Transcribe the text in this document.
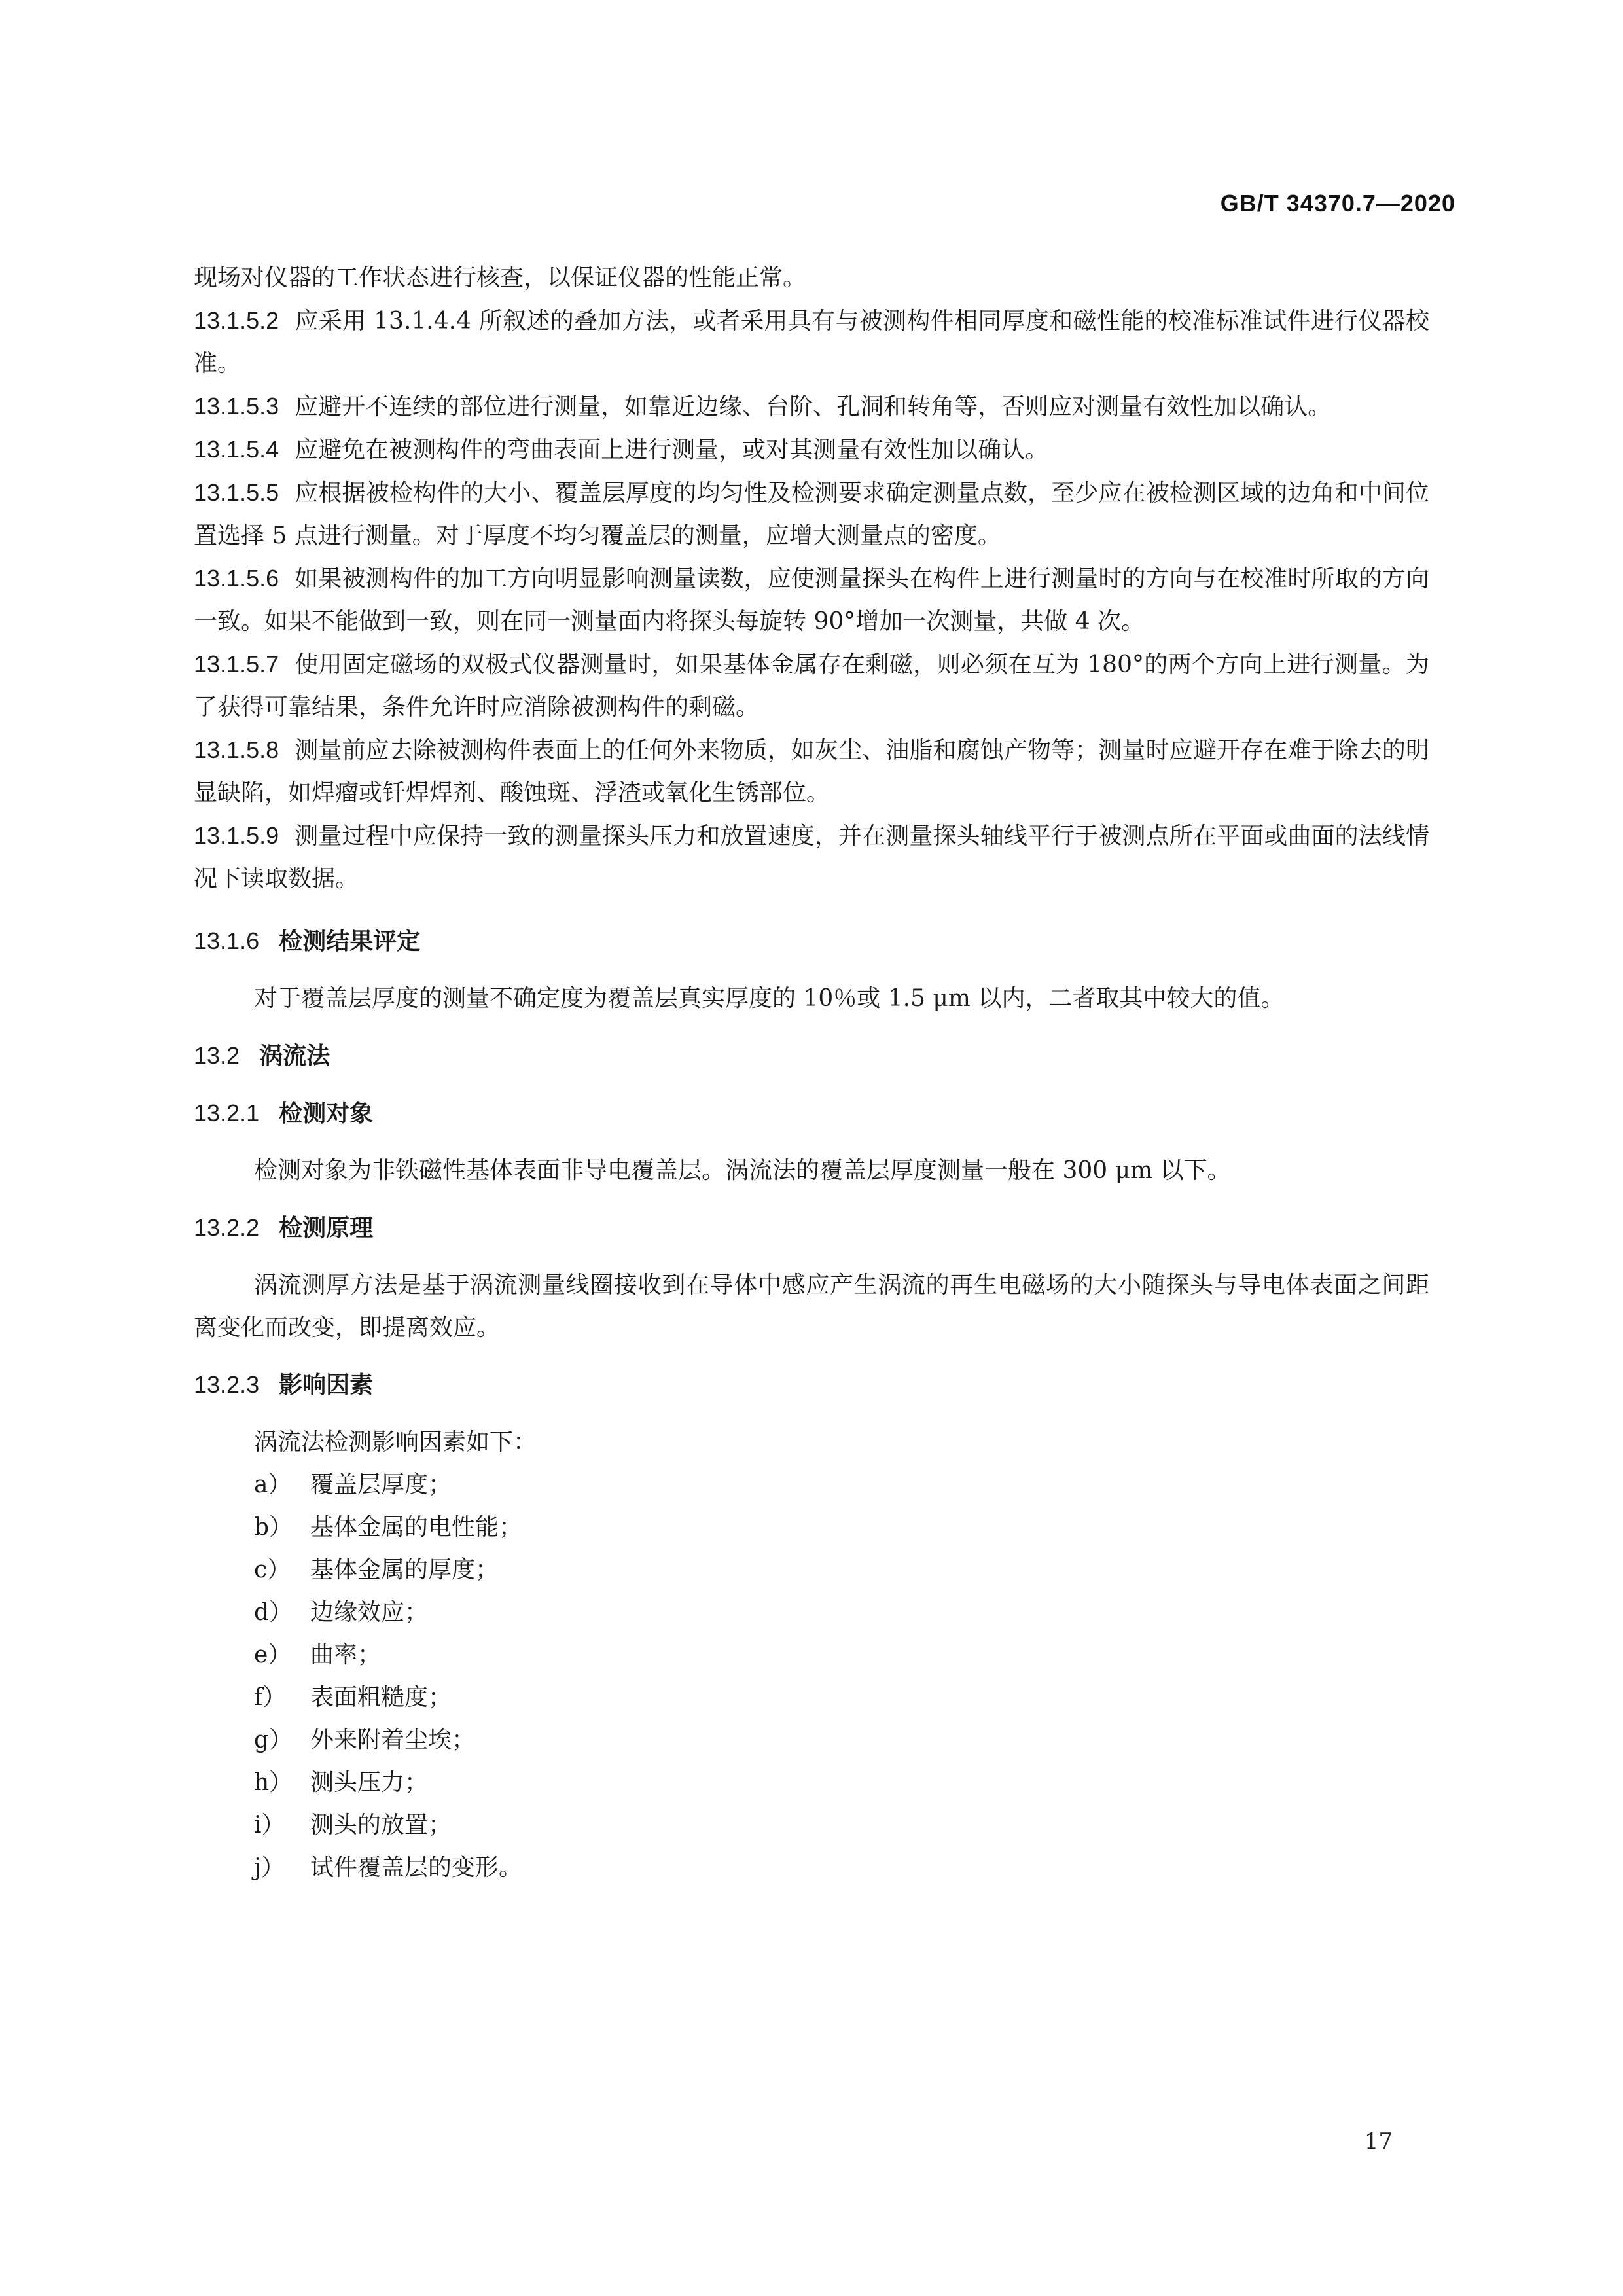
GB/T 34370.7—2020

现场对仪器的工作状态进行核查，以保证仪器的性能正常。

13.1.5.2 应采用 13.1.4.4 所叙述的叠加方法，或者采用具有与被测构件相同厚度和磁性能的校准标准试件进行仪器校准。

13.1.5.3 应避开不连续的部位进行测量，如靠近边缘、台阶、孔洞和转角等，否则应对测量有效性加以确认。

13.1.5.4 应避免在被测构件的弯曲表面上进行测量，或对其测量有效性加以确认。

13.1.5.5 应根据被检构件的大小、覆盖层厚度的均匀性及检测要求确定测量点数，至少应在被检测区域的边角和中间位置选择 5 点进行测量。对于厚度不均匀覆盖层的测量，应增大测量点的密度。

13.1.5.6 如果被测构件的加工方向明显影响测量读数，应使测量探头在构件上进行测量时的方向与在校准时所取的方向一致。如果不能做到一致，则在同一测量面内将探头每旋转 90°增加一次测量，共做 4 次。

13.1.5.7 使用固定磁场的双极式仪器测量时，如果基体金属存在剩磁，则必须在互为 180°的两个方向上进行测量。为了获得可靠结果，条件允许时应消除被测构件的剩磁。

13.1.5.8 测量前应去除被测构件表面上的任何外来物质，如灰尘、油脂和腐蚀产物等；测量时应避开存在难于除去的明显缺陷，如焊瘤或钎焊焊剂、酸蚀斑、浮渣或氧化生锈部位。

13.1.5.9 测量过程中应保持一致的测量探头压力和放置速度，并在测量探头轴线平行于被测点所在平面或曲面的法线情况下读取数据。

13.1.6 检测结果评定

对于覆盖层厚度的测量不确定度为覆盖层真实厚度的 10％或 1.5 μm 以内，二者取其中较大的值。

13.2 涡流法

13.2.1 检测对象

检测对象为非铁磁性基体表面非导电覆盖层。涡流法的覆盖层厚度测量一般在 300 μm 以下。

13.2.2 检测原理

涡流测厚方法是基于涡流测量线圈接收到在导体中感应产生涡流的再生电磁场的大小随探头与导电体表面之间距离变化而改变，即提离效应。

13.2.3 影响因素

涡流法检测影响因素如下：

a） 覆盖层厚度；

b） 基体金属的电性能；

c） 基体金属的厚度；

d） 边缘效应；

e） 曲率；

f） 表面粗糙度；

g） 外来附着尘埃；

h） 测头压力；

i） 测头的放置；

j） 试件覆盖层的变形。

17
